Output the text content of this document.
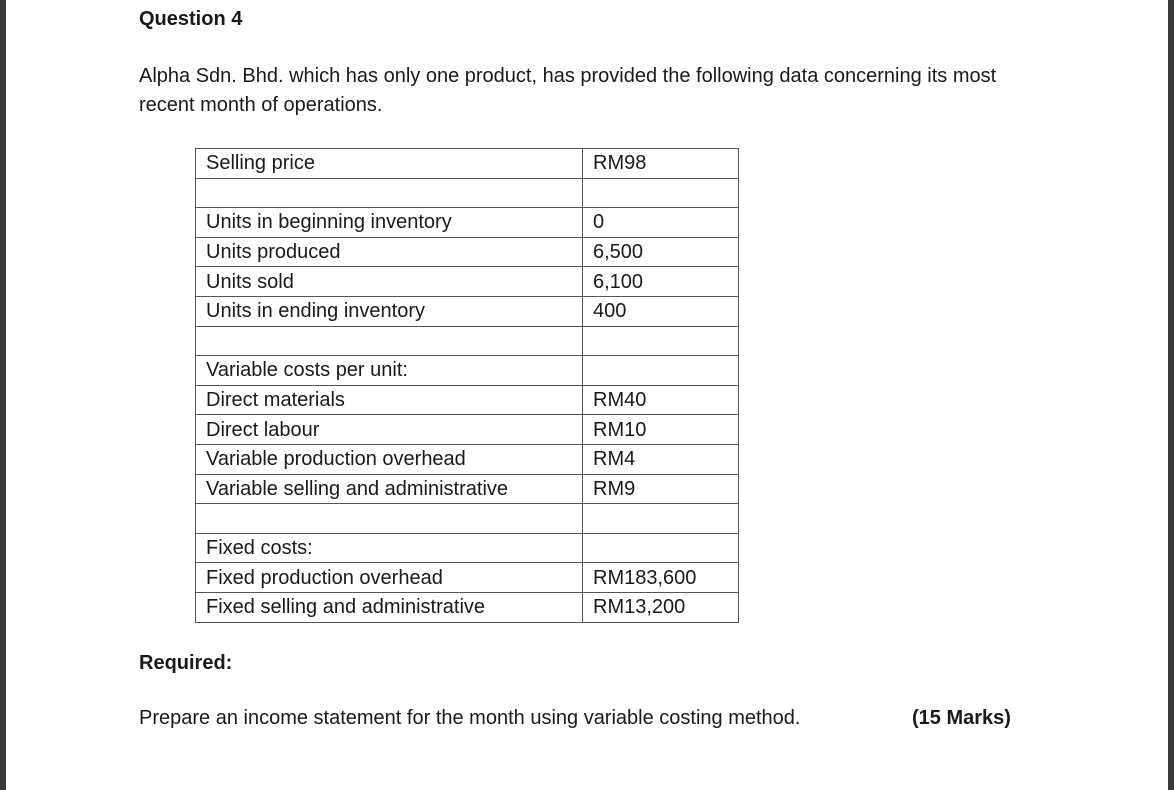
Question 4
Alpha Sdn. Bhd. which has only one product, has provided the following data concerning its most recent month of operations.
Selling price	RM98

Units in beginning inventory	0
Units produced	6,500
Units sold	6,100
Units in ending inventory	400

Variable costs per unit:	
Direct materials	RM40
Direct labour	RM10
Variable production overhead	RM4
Variable selling and administrative	RM9

Fixed costs:	
Fixed production overhead	RM183,600
Fixed selling and administrative	RM13,200
Required:
Prepare an income statement for the month using variable costing method.	(15 Marks)
